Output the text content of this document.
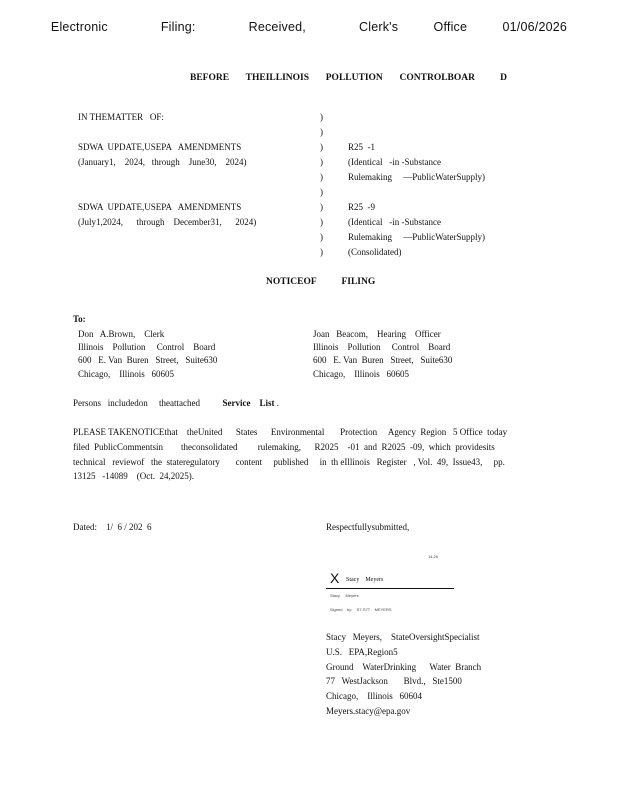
Electronic   Filing:   Received,   Clerk's  Office  01/06/2026
BEFORE  THEILLINOIS  POLLUTION  CONTROLBOAR   D
IN THEMATTER   OF:	)
)
SDWA  UPDATE,USEPA   AMENDMENTS	)	R25  -1
(January1,    2024,   through    June30,    2024)	)	(Identical   -in -Substance
)	Rulemaking     —PublicWaterSupply)
)
SDWA  UPDATE,USEPA   AMENDMENTS	)	R25  -9
(July1,2024,      through    December31,      2024)	)	(Identical   -in -Substance
)	Rulemaking     —PublicWaterSupply)
)	(Consolidated)
NOTICEOF   FILING
To:
Don   A.Brown,    Clerk
Illinois    Pollution     Control    Board
600   E. Van  Buren   Street,   Suite630
Chicago,    Illinois   60605
Joan   Beacom,    Hearing    Officer
Illinois    Pollution     Control    Board
600   E. Van  Buren   Street,   Suite630
Chicago,    Illinois   60605
Persons   includedon     theattached	Service List .
PLEASE TAKENOTICEthat    theUnited      States      Environmental       Protection     Agency  Region   5 Office  today
filed  PublicCommentsin        theconsolidated         rulemaking,      R2025    -01  and  R2025  -09,  which  providesits
technical   reviewof   the  stateregulatory       content     published     in  th eIllinois   Register   , Vol.  49,  Issue43,     pp.
13125   -14089    (Oct.  24,2025).
Dated:    1/  6 / 202  6	Respectfullysubmitted,
14:26
X Stacy    Meyers
Stacy     Meyers
Signed    by:    S7-S7T    MEYERS
Stacy   Meyers,    StateOversightSpecialist
U.S.   EPA,Region5
Ground    WaterDrinking      Water  Branch
77   WestJackson       Blvd.,   Ste1500
Chicago,    Illinois   60604
Meyers.stacy@epa.gov
